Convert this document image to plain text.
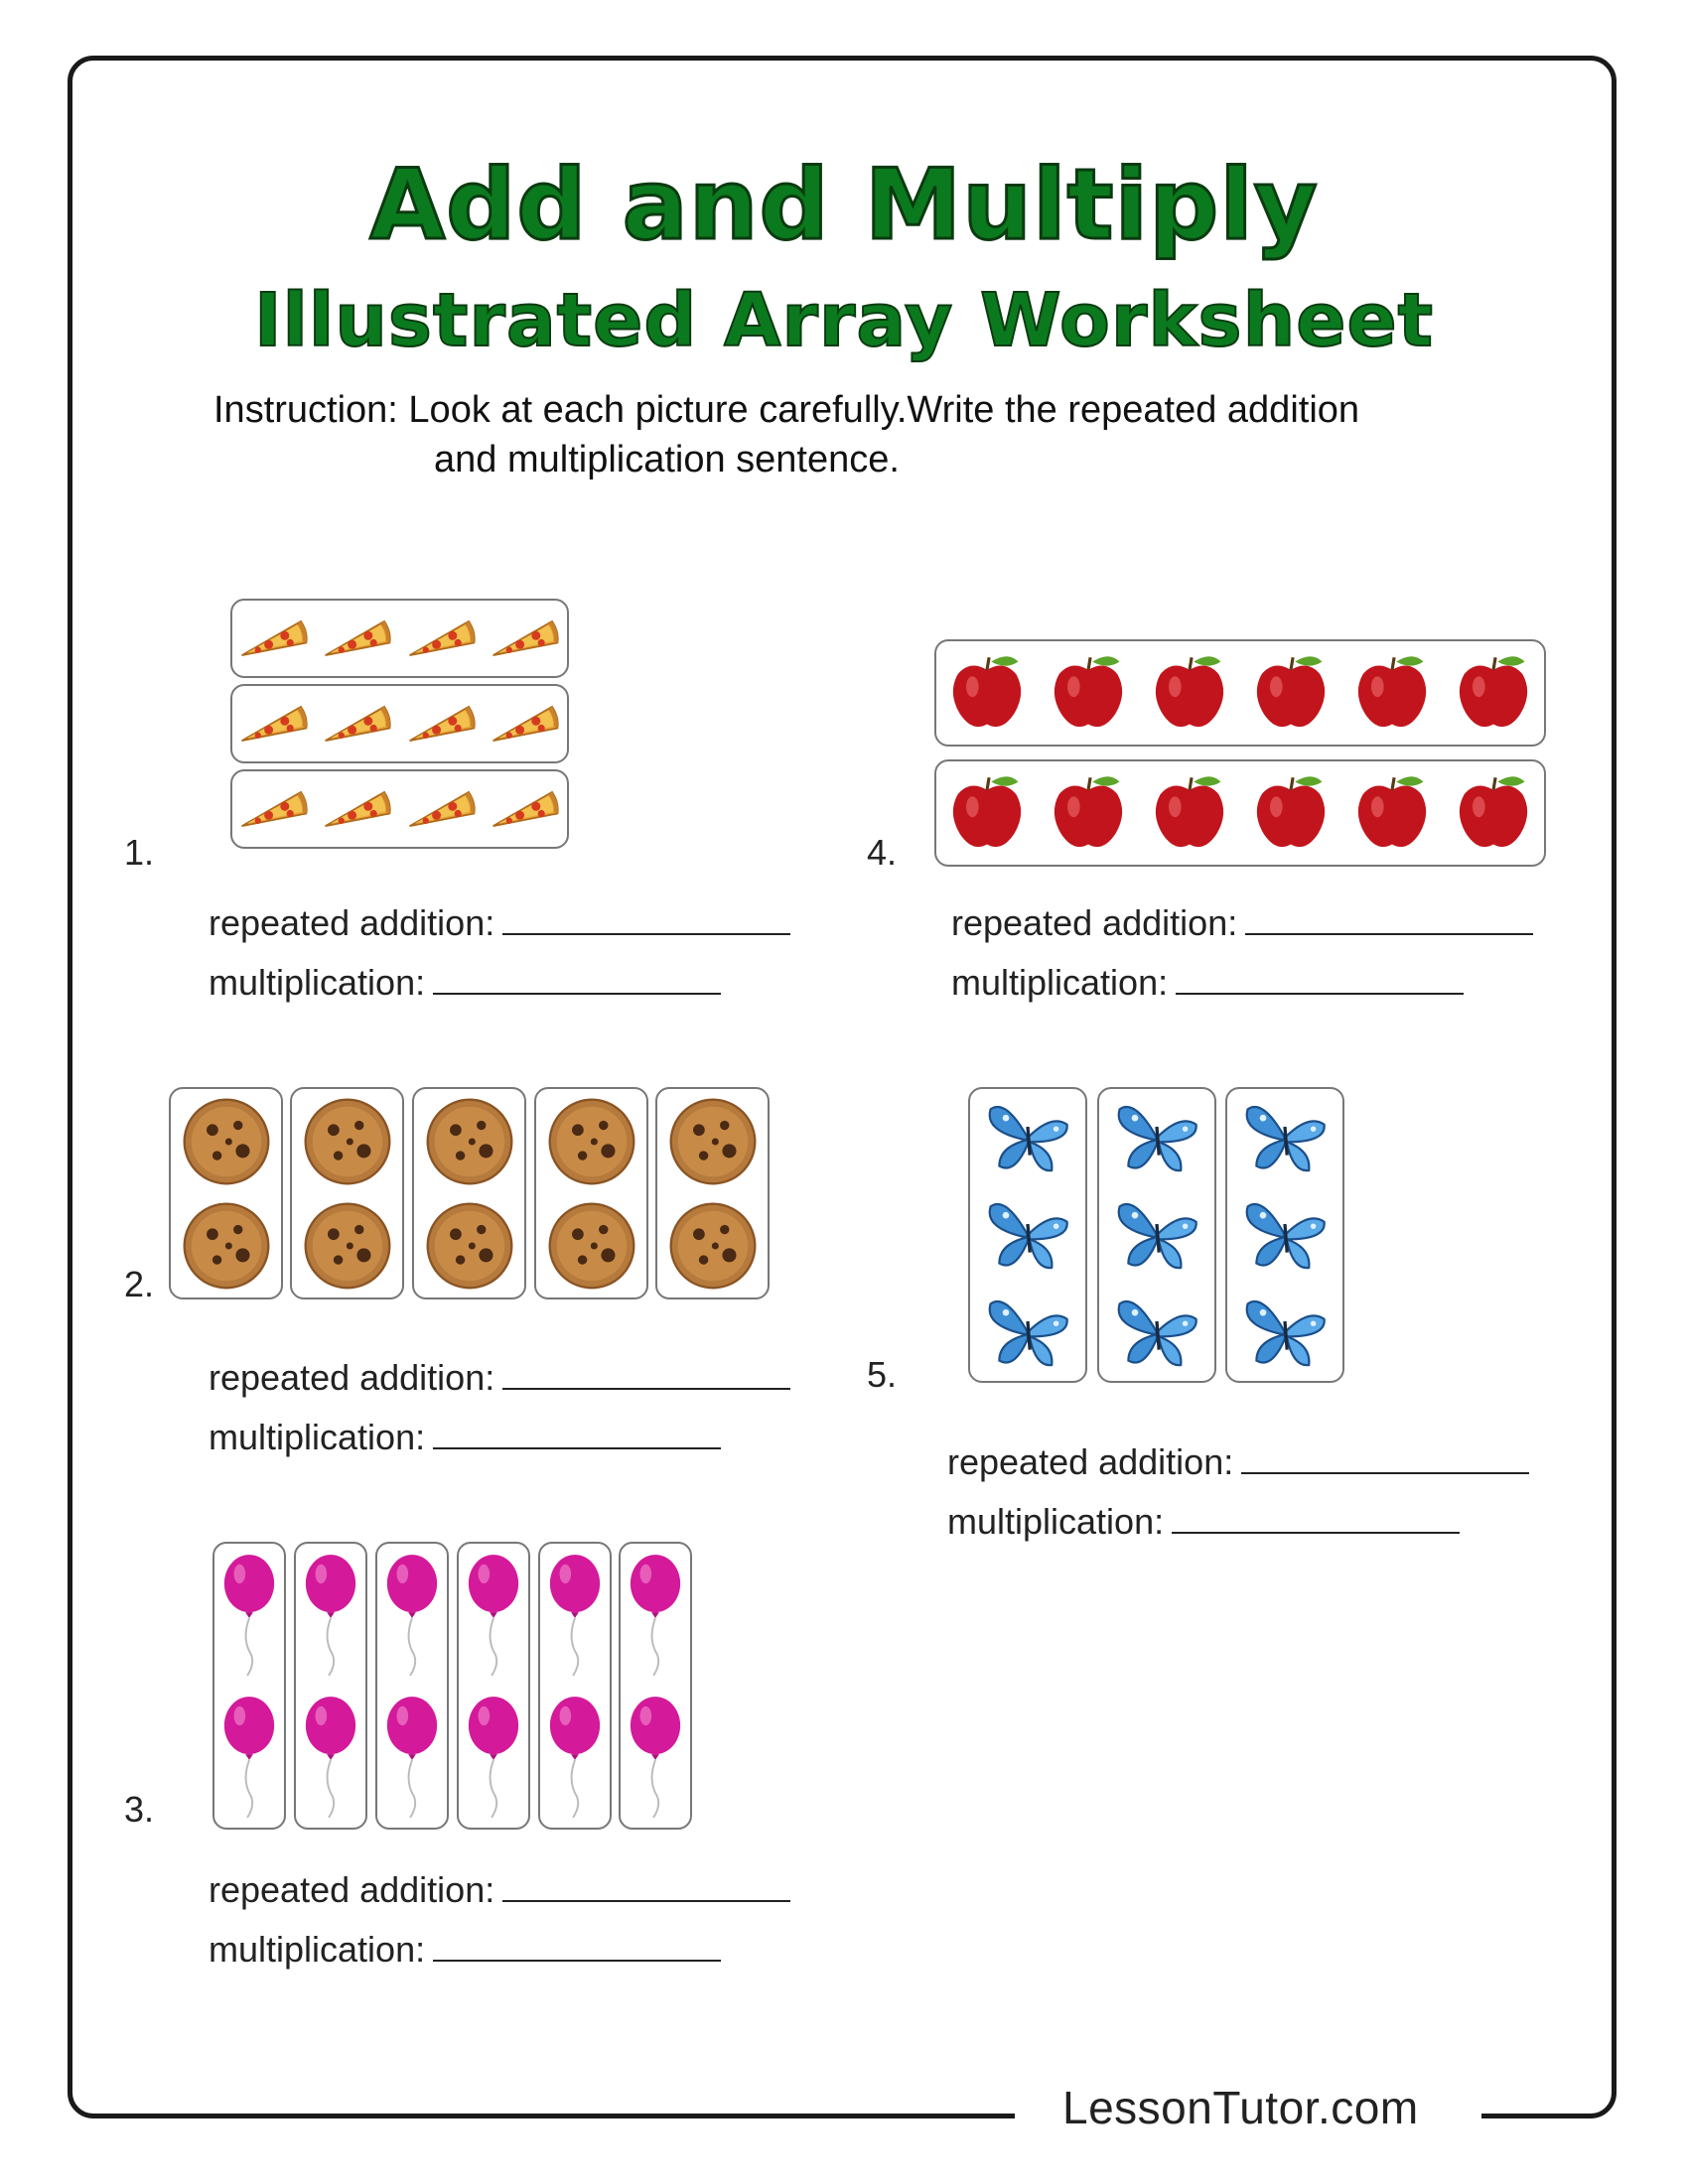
LessonTutor.com
Add and Multiply
Illustrated Array Worksheet
Instruction: Look at each picture carefully.Write the repeated addition
and multiplication sentence.
1.
repeated addition:
multiplication:
2.
repeated addition:
multiplication:
3.
repeated addition:
multiplication:
4.
repeated addition:
multiplication:
5.
repeated addition:
multiplication:
